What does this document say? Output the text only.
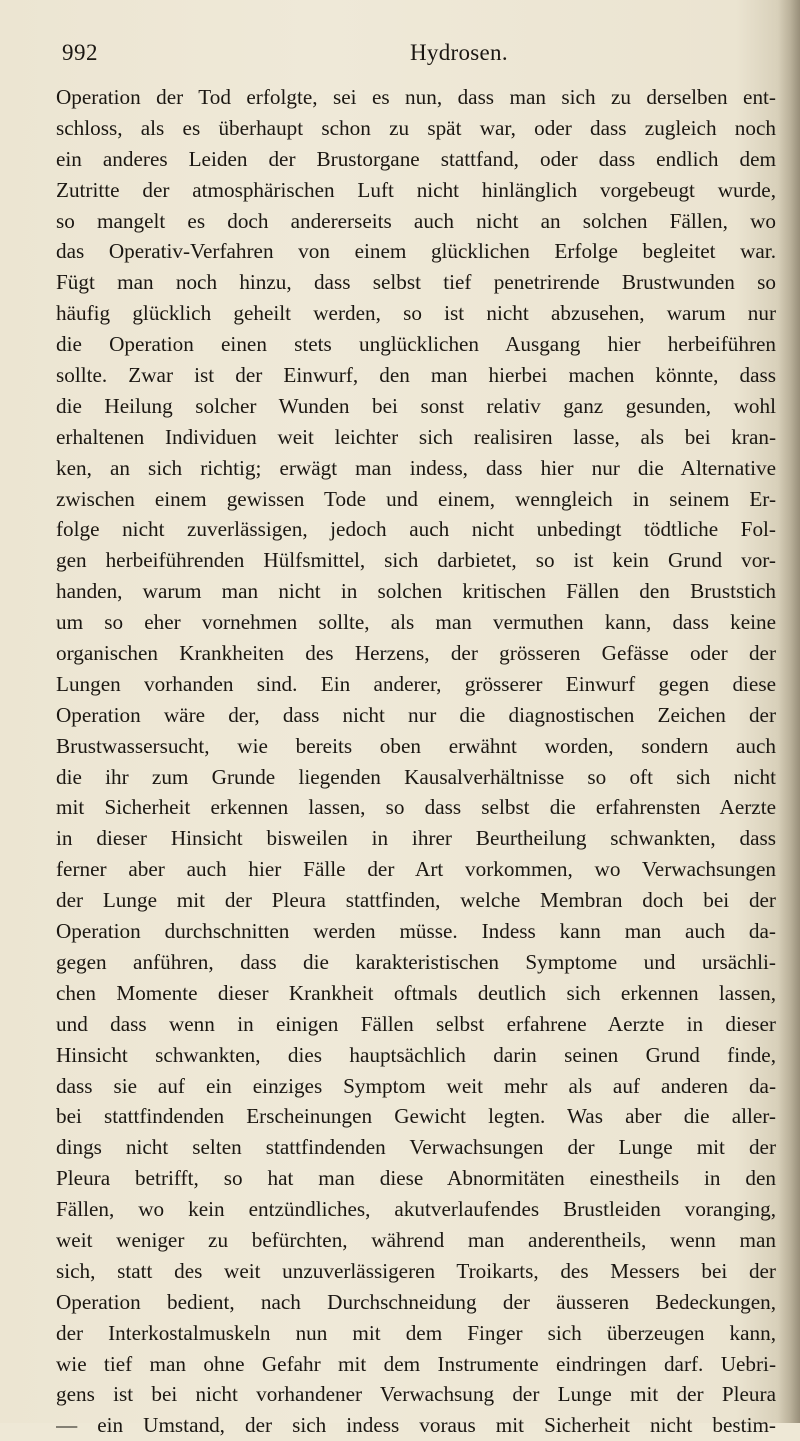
992	Hydrosen.
Operation der Tod erfolgte, sei es nun, dass man sich zu derselben ent-
schloss, als es überhaupt schon zu spät war, oder dass zugleich noch
ein anderes Leiden der Brustorgane stattfand, oder dass endlich dem
Zutritte der atmosphärischen Luft nicht hinlänglich vorgebeugt wurde,
so mangelt es doch andererseits auch nicht an solchen Fällen, wo
das Operativ-Verfahren von einem glücklichen Erfolge begleitet war.
Fügt man noch hinzu, dass selbst tief penetrirende Brustwunden so
häufig glücklich geheilt werden, so ist nicht abzusehen, warum nur
die Operation einen stets unglücklichen Ausgang hier herbeiführen
sollte. Zwar ist der Einwurf, den man hierbei machen könnte, dass
die Heilung solcher Wunden bei sonst relativ ganz gesunden, wohl
erhaltenen Individuen weit leichter sich realisiren lasse, als bei kran-
ken, an sich richtig; erwägt man indess, dass hier nur die Alternative
zwischen einem gewissen Tode und einem, wenngleich in seinem Er-
folge nicht zuverlässigen, jedoch auch nicht unbedingt tödtliche Fol-
gen herbeiführenden Hülfsmittel, sich darbietet, so ist kein Grund vor-
handen, warum man nicht in solchen kritischen Fällen den Bruststich
um so eher vornehmen sollte, als man vermuthen kann, dass keine
organischen Krankheiten des Herzens, der grösseren Gefässe oder der
Lungen vorhanden sind. Ein anderer, grösserer Einwurf gegen diese
Operation wäre der, dass nicht nur die diagnostischen Zeichen der
Brustwassersucht, wie bereits oben erwähnt worden, sondern auch
die ihr zum Grunde liegenden Kausalverhältnisse so oft sich nicht
mit Sicherheit erkennen lassen, so dass selbst die erfahrensten Aerzte
in dieser Hinsicht bisweilen in ihrer Beurtheilung schwankten, dass
ferner aber auch hier Fälle der Art vorkommen, wo Verwachsungen
der Lunge mit der Pleura stattfinden, welche Membran doch bei der
Operation durchschnitten werden müsse. Indess kann man auch da-
gegen anführen, dass die karakteristischen Symptome und ursächli-
chen Momente dieser Krankheit oftmals deutlich sich erkennen lassen,
und dass wenn in einigen Fällen selbst erfahrene Aerzte in dieser
Hinsicht schwankten, dies hauptsächlich darin seinen Grund finde,
dass sie auf ein einziges Symptom weit mehr als auf anderen da-
bei stattfindenden Erscheinungen Gewicht legten. Was aber die aller-
dings nicht selten stattfindenden Verwachsungen der Lunge mit der
Pleura betrifft, so hat man diese Abnormitäten einestheils in den
Fällen, wo kein entzündliches, akutverlaufendes Brustleiden voranging,
weit weniger zu befürchten, während man anderentheils, wenn man
sich, statt des weit unzuverlässigeren Troikarts, des Messers bei der
Operation bedient, nach Durchschneidung der äusseren Bedeckungen,
der Interkostalmuskeln nun mit dem Finger sich überzeugen kann,
wie tief man ohne Gefahr mit dem Instrumente eindringen darf. Uebri-
gens ist bei nicht vorhandener Verwachsung der Lunge mit der Pleura
— ein Umstand, der sich indess voraus mit Sicherheit nicht bestim-
